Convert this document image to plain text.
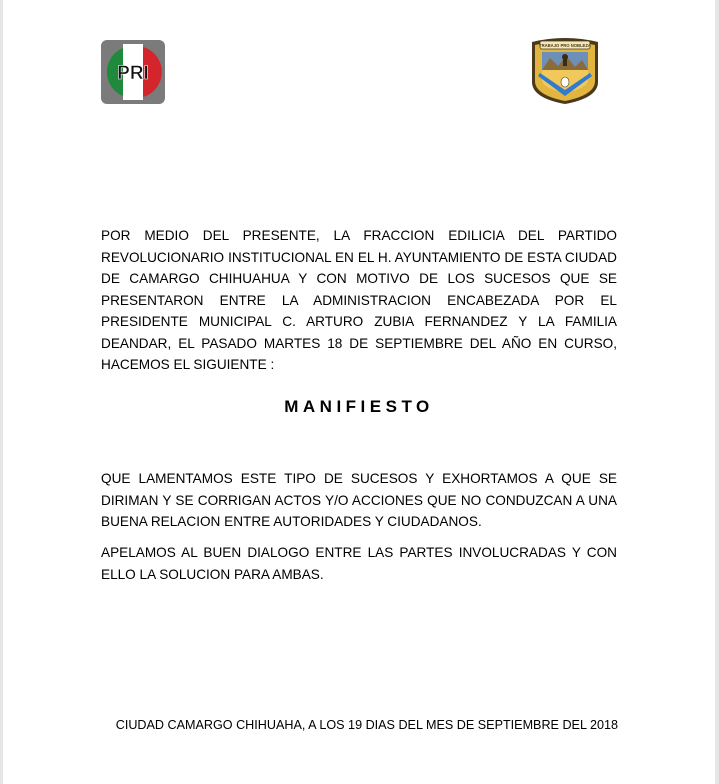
PRI
TRABAJO PRO NOBLEZA

POR MEDIO DEL PRESENTE, LA FRACCION EDILICIA DEL PARTIDO REVOLUCIONARIO INSTITUCIONAL EN EL H. AYUNTAMIENTO DE ESTA CIUDAD DE CAMARGO CHIHUAHUA Y CON MOTIVO DE LOS SUCESOS QUE SE PRESENTARON ENTRE LA ADMINISTRACION ENCABEZADA POR EL PRESIDENTE MUNICIPAL C. ARTURO ZUBIA FERNANDEZ Y LA FAMILIA DEANDAR, EL PASADO MARTES 18 DE SEPTIEMBRE DEL AÑO EN CURSO, HACEMOS EL SIGUIENTE :

MANIFIESTO

QUE LAMENTAMOS ESTE TIPO DE SUCESOS Y EXHORTAMOS A QUE SE DIRIMAN Y SE CORRIGAN ACTOS Y/O ACCIONES QUE NO CONDUZCAN A UNA BUENA RELACION ENTRE AUTORIDADES Y CIUDADANOS.

APELAMOS AL BUEN DIALOGO ENTRE LAS PARTES INVOLUCRADAS Y CON ELLO LA SOLUCION PARA AMBAS.

CIUDAD CAMARGO CHIHUAHA, A LOS 19 DIAS DEL MES DE SEPTIEMBRE DEL 2018
